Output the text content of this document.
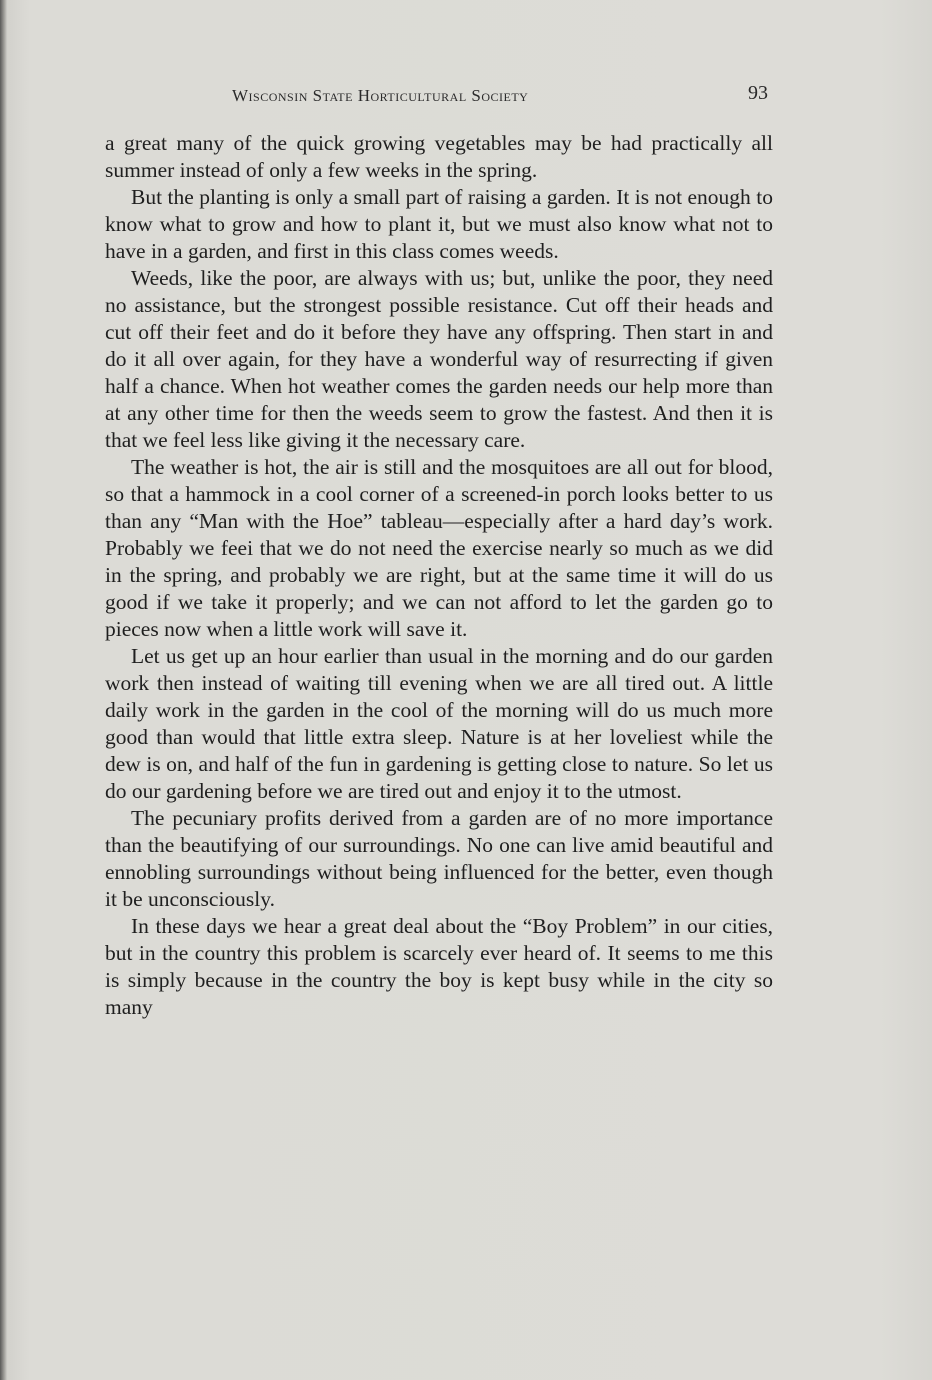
Wisconsin State Horticultural Society	93

a great many of the quick growing vegetables may be had practically all summer instead of only a few weeks in the spring.

But the planting is only a small part of raising a garden. It is not enough to know what to grow and how to plant it, but we must also know what not to have in a garden, and first in this class comes weeds.

Weeds, like the poor, are always with us; but, unlike the poor, they need no assistance, but the strongest possible resistance. Cut off their heads and cut off their feet and do it before they have any offspring. Then start in and do it all over again, for they have a wonderful way of resurrecting if given half a chance. When hot weather comes the garden needs our help more than at any other time for then the weeds seem to grow the fastest. And then it is that we feel less like giving it the necessary care.

The weather is hot, the air is still and the mosquitoes are all out for blood, so that a hammock in a cool corner of a screened-in porch looks better to us than any “Man with the Hoe” tableau—especially after a hard day’s work. Probably we feei that we do not need the exercise nearly so much as we did in the spring, and probably we are right, but at the same time it will do us good if we take it properly; and we can not afford to let the garden go to pieces now when a little work will save it.

Let us get up an hour earlier than usual in the morning and do our garden work then instead of waiting till evening when we are all tired out. A little daily work in the garden in the cool of the morning will do us much more good than would that little extra sleep. Nature is at her loveliest while the dew is on, and half of the fun in gardening is getting close to nature. So let us do our gardening before we are tired out and enjoy it to the utmost.

The pecuniary profits derived from a garden are of no more importance than the beautifying of our surroundings. No one can live amid beautiful and ennobling surroundings without being influenced for the better, even though it be unconsciously.

In these days we hear a great deal about the “Boy Problem” in our cities, but in the country this problem is scarcely ever heard of. It seems to me this is simply because in the country the boy is kept busy while in the city so many
